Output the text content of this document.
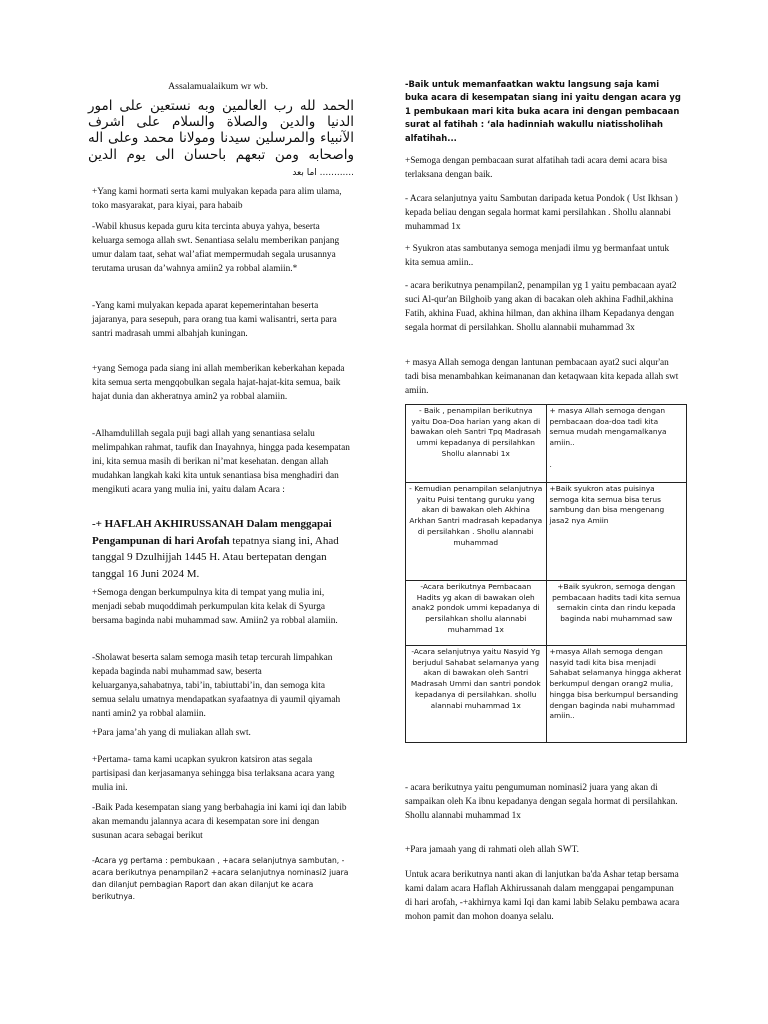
Assalamualaikum wr wb.
الحمد لله رب العالمين وبه نستعين على امور الدنيا والدين والصلاة والسلام على اشرف الآنبياء والمرسلين سيدنا ومولانا محمد وعلى اله واصحابه ومن تبعهم باحسان الى يوم الدين ............ اما بعد

+Yang kami hormati serta kami mulyakan kepada para alim ulama, toko masyarakat, para kiyai, para habaib

-Wabil khusus kepada guru kita tercinta abuya yahya, beserta keluarga semoga allah swt. Senantiasa selalu memberikan panjang umur dalam taat, sehat wal’afiat mempermudah segala urusannya terutama urusan da’wahnya amiin2 ya robbal alamiin.*

-Yang kami mulyakan kepada aparat kepemerintahan beserta jajaranya, para sesepuh, para orang tua kami walisantri, serta para santri madrasah ummi albahjah kuningan.

+yang Semoga pada siang ini allah memberikan keberkahan kepada kita semua serta mengqobulkan segala hajat-hajat-kita semua, baik hajat dunia dan akheratnya amin2 ya robbal alamiin.

-Alhamdulillah segala puji bagi allah yang senantiasa selalu melimpahkan rahmat, taufik dan Inayahnya, hingga pada kesempatan ini, kita semua masih di berikan ni’mat kesehatan. dengan allah mudahkan langkah kaki kita untuk senantiasa bisa menghadiri dan mengikuti acara yang mulia ini, yaitu dalam Acara :

-+ HAFLAH AKHIRUSSANAH Dalam menggapai Pengampunan di hari Arofah tepatnya siang ini, Ahad tanggal 9 Dzulhijjah 1445 H. Atau bertepatan dengan tanggal 16 Juni 2024 M.

+Semoga dengan berkumpulnya kita di tempat yang mulia ini, menjadi sebab muqoddimah perkumpulan kita kelak di Syurga bersama baginda nabi muhammad saw. Amiin2 ya robbal alamiin.

-Sholawat beserta salam semoga masih tetap tercurah limpahkan kepada baginda nabi muhammad saw, beserta keluarganya,sahabatnya, tabi’in, tabiuttabi’in, dan semoga kita semua selalu umatnya mendapatkan syafaatnya di yaumil qiyamah nanti amin2 ya robbal alamiin.

+Para jama’ah yang di muliakan allah swt.

+Pertama- tama kami ucapkan syukron katsiron atas segala partisipasi dan kerjasamanya sehingga bisa terlaksana acara yang mulia ini.

-Baik Pada kesempatan siang yang berbahagia ini kami iqi dan labib akan memandu jalannya acara di kesempatan sore ini dengan susunan acara sebagai berikut

-Acara yg pertama : pembukaan , +acara selanjutnya sambutan, -acara berikutnya penampilan2 +acara selanjutnya nominasi2 juara dan dilanjut pembagian Raport dan akan dilanjut ke acara berikutnya.

-Baik untuk memanfaatkan waktu langsung saja kami buka acara di kesempatan siang ini yaitu dengan acara yg 1 pembukaan mari kita buka acara ini dengan pembacaan surat al fatihah : ‘ala hadinniah wakullu niatissholihah alfatihah...

+Semoga dengan pembacaan surat alfatihah tadi acara demi acara bisa terlaksana dengan baik.

- Acara selanjutnya yaitu Sambutan daripada ketua Pondok ( Ust Ikhsan ) kepada beliau dengan segala hormat kami persilahkan . Shollu alannabi muhammad 1x

+ Syukron atas sambutanya semoga menjadi ilmu yg bermanfaat untuk kita semua amiin..

- acara berikutnya penampilan2, penampilan yg 1 yaitu pembacaan ayat2 suci Al-qur'an Bilghoib yang akan di bacakan oleh akhina Fadhil,akhina Fatih, akhina Fuad, akhina hilman, dan akhina ilham Kepadanya dengan segala hormat di persilahkan. Shollu alannabii muhammad 3x

+ masya Allah semoga dengan lantunan pembacaan ayat2 suci alqur'an tadi bisa menambahkan keimananan dan ketaqwaan kita kepada allah swt amiin.

- Baik , penampilan berikutnya yaitu Doa-Doa harian yang akan di bawakan oleh Santri Tpq Madrasah ummi kepadanya di persilahkan Shollu alannabi 1x	+ masya Allah semoga dengan pembacaan doa-doa tadi kita semua mudah mengamalkanya amiin..

.
- Kemudian penampilan selanjutnya yaitu Puisi tentang guruku yang akan di bawakan oleh Akhina Arkhan Santri madrasah kepadanya di persilahkan . Shollu alannabi muhammad	+Baik syukron atas puisinya semoga kita semua bisa terus sambung dan bisa mengenang jasa2 nya Amiin
-Acara berikutnya Pembacaan Hadits yg akan di bawakan oleh anak2 pondok ummi kepadanya di persilahkan shollu alannabi muhammad 1x	+Baik syukron, semoga dengan pembacaan hadits tadi kita semua semakin cinta dan rindu kepada baginda nabi muhammad saw
-Acara selanjutnya yaitu Nasyid Yg berjudul Sahabat selamanya yang akan di bawakan oleh Santri Madrasah Ummi dan santri pondok kepadanya di persilahkan. shollu alannabi muhammad 1x	+masya Allah semoga dengan nasyid tadi kita bisa menjadi Sahabat selamanya hingga akherat berkumpul dengan orang2 mulia, hingga bisa berkumpul bersanding dengan baginda nabi muhammad amiin..

- acara berikutnya yaitu pengumuman nominasi2 juara yang akan di sampaikan oleh Ka ibnu kepadanya dengan segala hormat di persilahkan. Shollu alannabi muhammad 1x

+Para jamaah yang di rahmati oleh allah SWT.

Untuk acara berikutnya nanti akan di lanjutkan ba'da Ashar tetap bersama kami dalam acara Haflah Akhirussanah dalam menggapai pengampunan di hari arofah, -+akhirnya kami Iqi dan kami labib Selaku pembawa acara mohon pamit dan mohon doanya selalu.
